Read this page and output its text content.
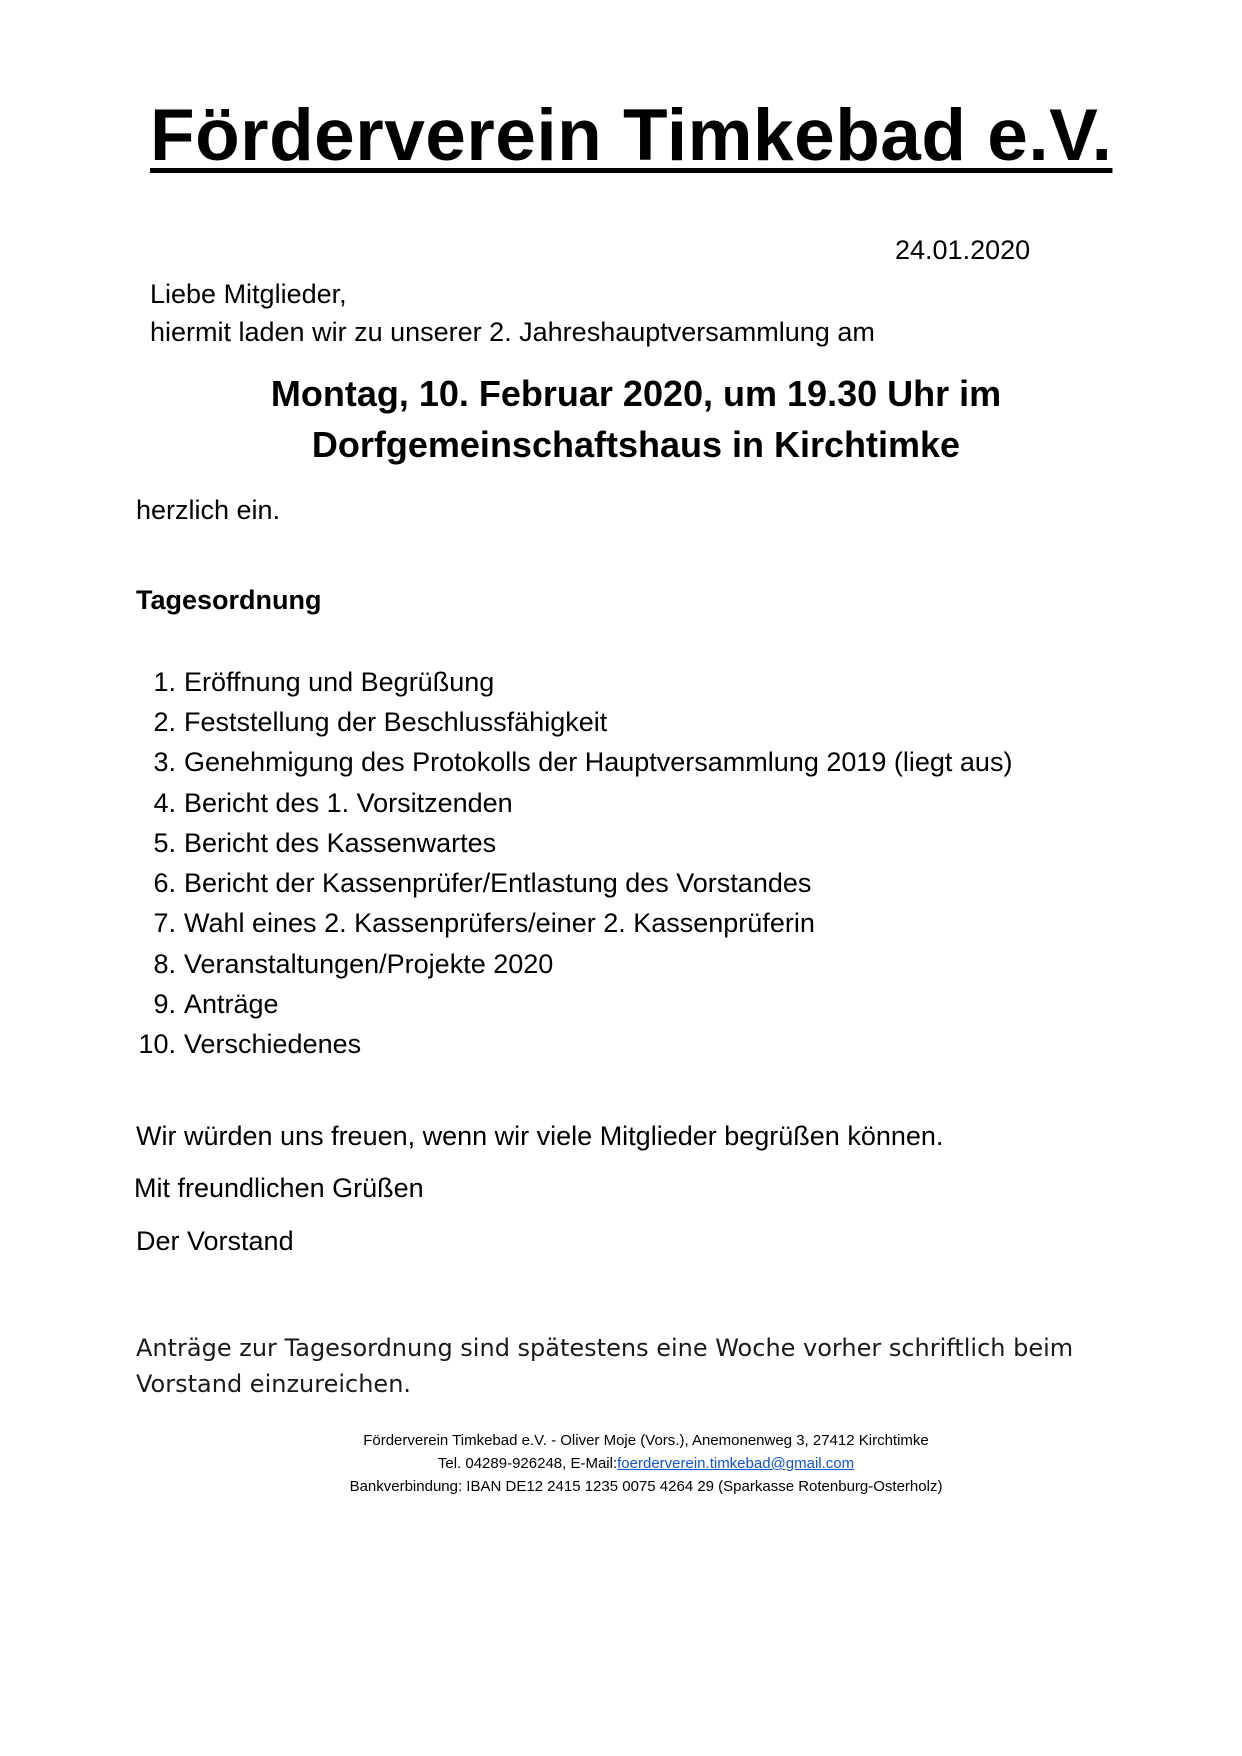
Förderverein Timkebad e.V.
24.01.2020
Liebe Mitglieder,
hiermit laden wir zu unserer 2. Jahreshauptversammlung am
Montag, 10. Februar 2020, um 19.30 Uhr im
Dorfgemeinschaftshaus in Kirchtimke
herzlich ein.
Tagesordnung
1. Eröffnung und Begrüßung
2. Feststellung der Beschlussfähigkeit
3. Genehmigung des Protokolls der Hauptversammlung 2019 (liegt aus)
4. Bericht des 1. Vorsitzenden
5. Bericht des Kassenwartes
6. Bericht der Kassenprüfer/Entlastung des Vorstandes
7. Wahl eines 2. Kassenprüfers/einer 2. Kassenprüferin
8. Veranstaltungen/Projekte 2020
9. Anträge
10. Verschiedenes
Wir würden uns freuen, wenn wir viele Mitglieder begrüßen können.
Mit freundlichen Grüßen
Der Vorstand
Anträge zur Tagesordnung sind spätestens eine Woche vorher schriftlich beim Vorstand einzureichen.
Förderverein Timkebad e.V. - Oliver Moje (Vors.), Anemonenweg 3, 27412 Kirchtimke
Tel. 04289-926248, E-Mail:foerderverein.timkebad@gmail.com
Bankverbindung: IBAN DE12 2415 1235 0075 4264 29 (Sparkasse Rotenburg-Osterholz)
